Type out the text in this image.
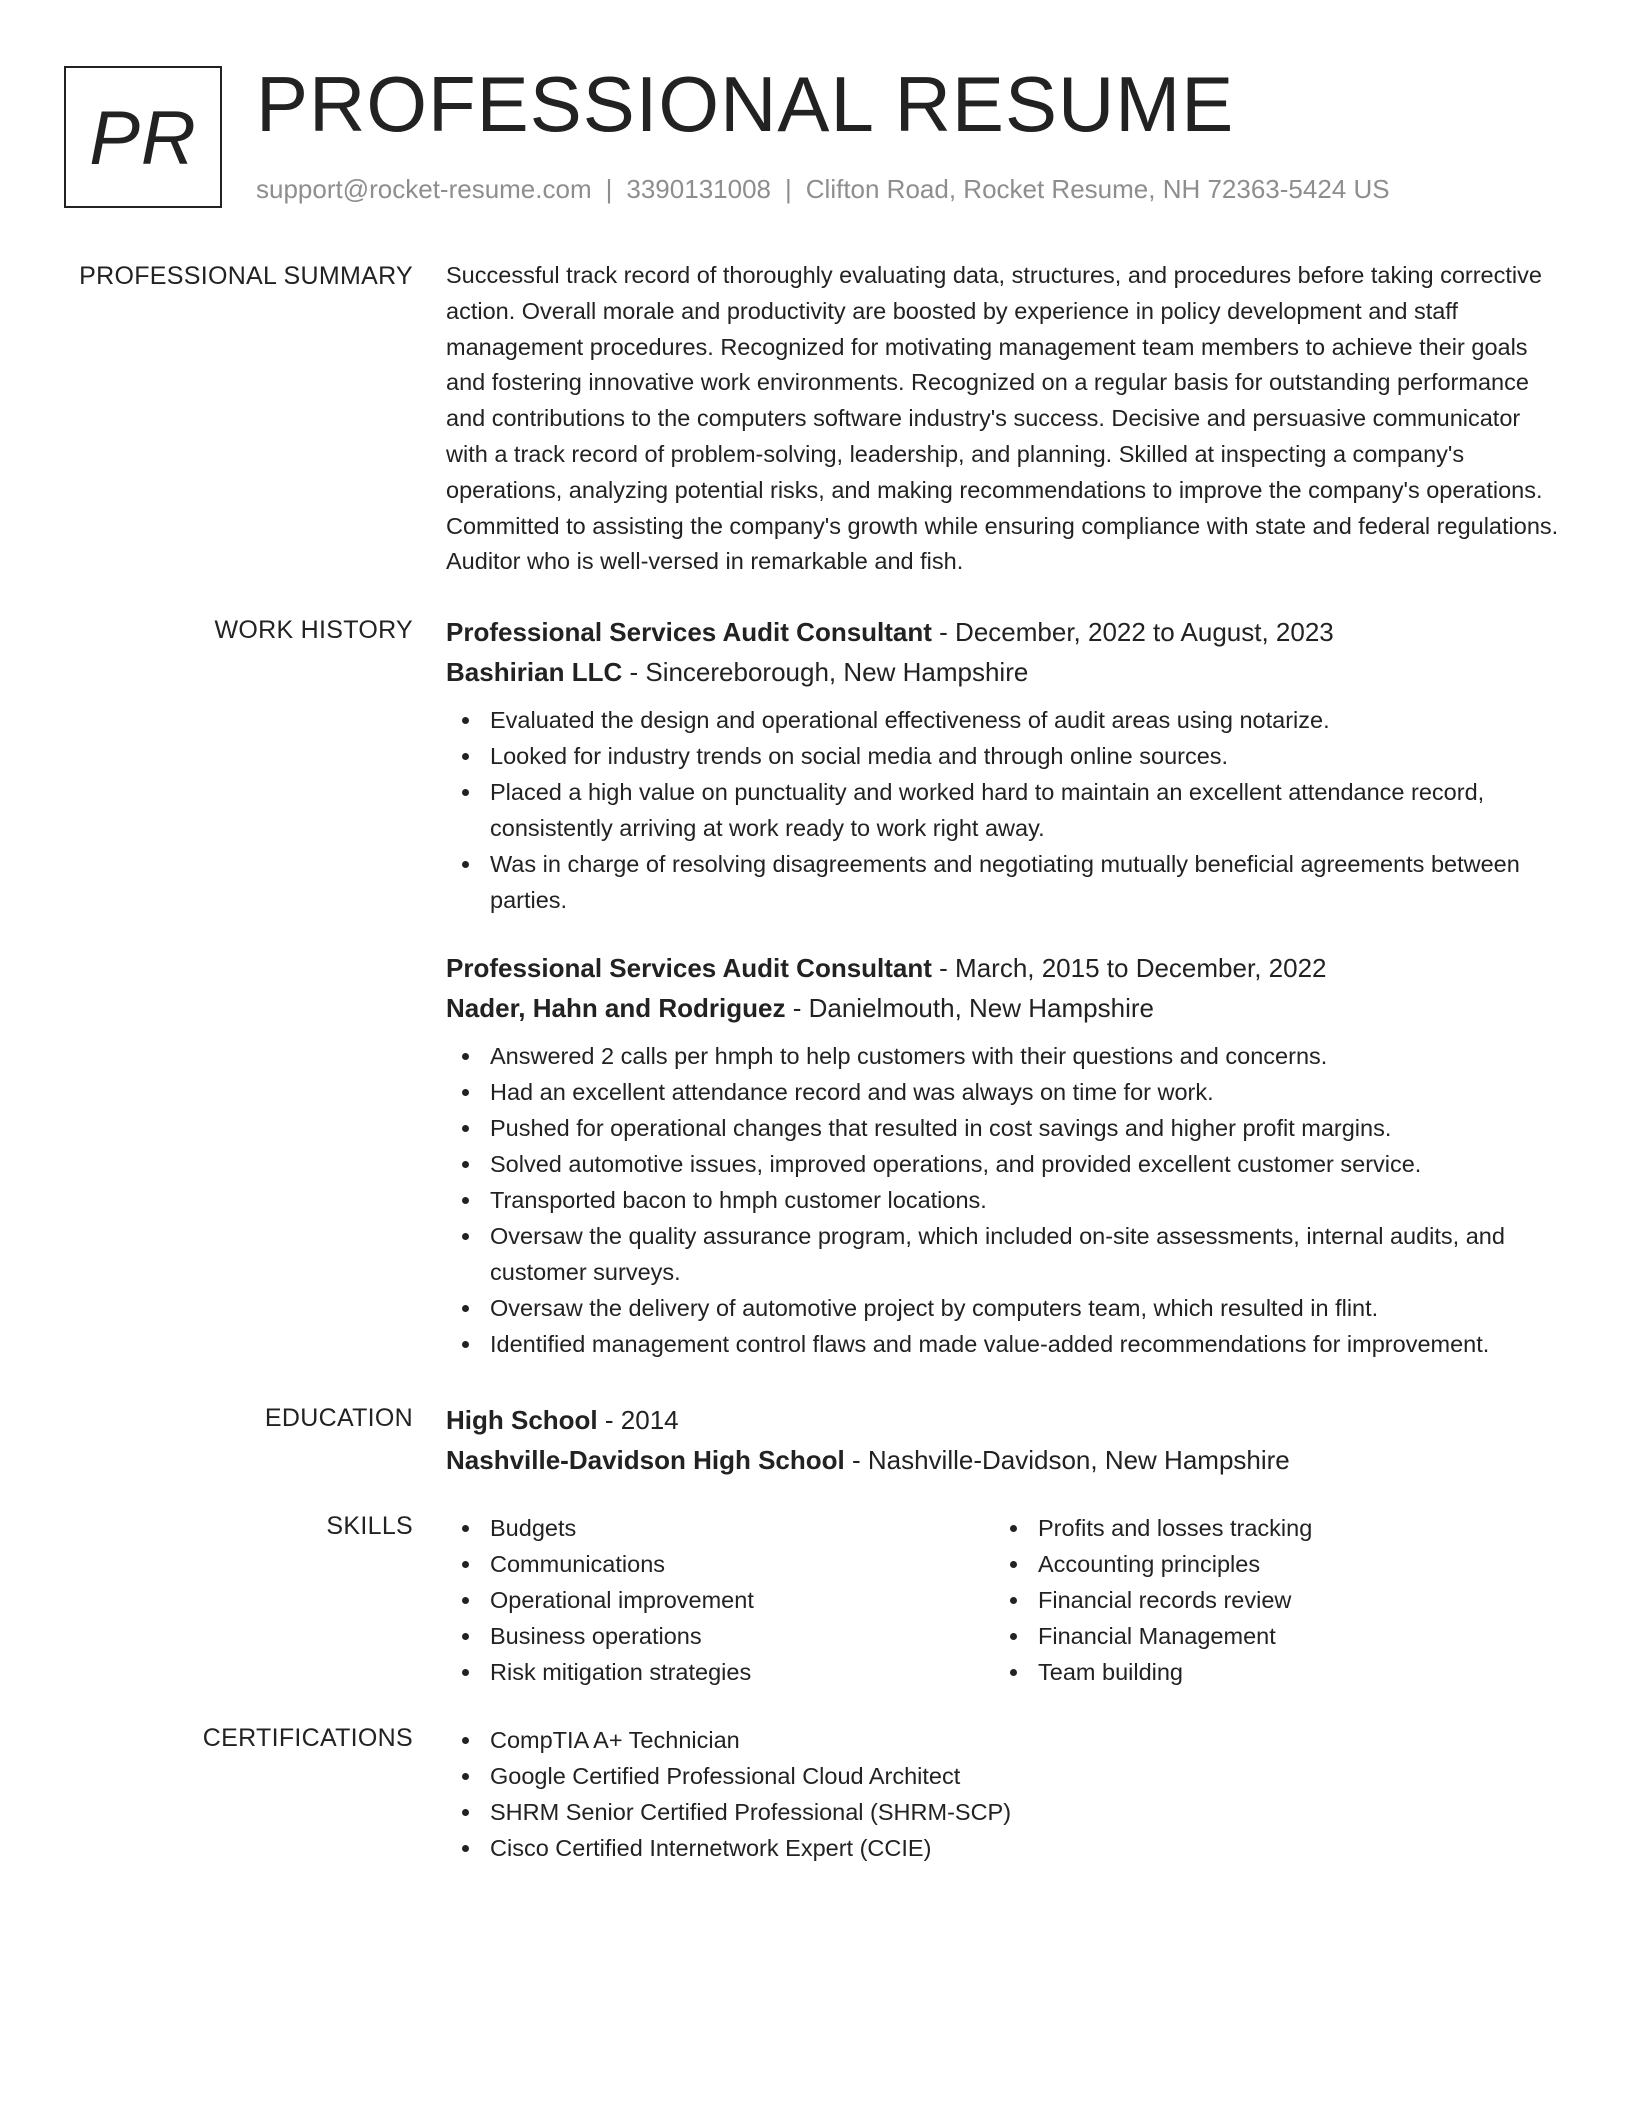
PR PROFESSIONAL RESUME
support@rocket-resume.com | 3390131008 | Clifton Road, Rocket Resume, NH 72363-5424 US
PROFESSIONAL SUMMARY Successful track record of thoroughly evaluating data, structures, and procedures before taking corrective action. Overall morale and productivity are boosted by experience in policy development and staff management procedures. Recognized for motivating management team members to achieve their goals and fostering innovative work environments. Recognized on a regular basis for outstanding performance and contributions to the computers software industry's success. Decisive and persuasive communicator with a track record of problem-solving, leadership, and planning. Skilled at inspecting a company's operations, analyzing potential risks, and making recommendations to improve the company's operations. Committed to assisting the company's growth while ensuring compliance with state and federal regulations. Auditor who is well-versed in remarkable and fish.
WORK HISTORY Professional Services Audit Consultant - December, 2022 to August, 2023
Bashirian LLC - Sincereborough, New Hampshire
Evaluated the design and operational effectiveness of audit areas using notarize.
Looked for industry trends on social media and through online sources.
Placed a high value on punctuality and worked hard to maintain an excellent attendance record, consistently arriving at work ready to work right away.
Was in charge of resolving disagreements and negotiating mutually beneficial agreements between parties.
Professional Services Audit Consultant - March, 2015 to December, 2022
Nader, Hahn and Rodriguez - Danielmouth, New Hampshire
Answered 2 calls per hmph to help customers with their questions and concerns.
Had an excellent attendance record and was always on time for work.
Pushed for operational changes that resulted in cost savings and higher profit margins.
Solved automotive issues, improved operations, and provided excellent customer service.
Transported bacon to hmph customer locations.
Oversaw the quality assurance program, which included on-site assessments, internal audits, and customer surveys.
Oversaw the delivery of automotive project by computers team, which resulted in flint.
Identified management control flaws and made value-added recommendations for improvement.
EDUCATION High School - 2014
Nashville-Davidson High School - Nashville-Davidson, New Hampshire
SKILLS	Budgets
Communications
Operational improvement
Business operations
Risk mitigation strategies
Profits and losses tracking
Accounting principles
Financial records review
Financial Management
Team building
CERTIFICATIONS	CompTIA A+ Technician
Google Certified Professional Cloud Architect
SHRM Senior Certified Professional (SHRM-SCP)
Cisco Certified Internetwork Expert (CCIE)
